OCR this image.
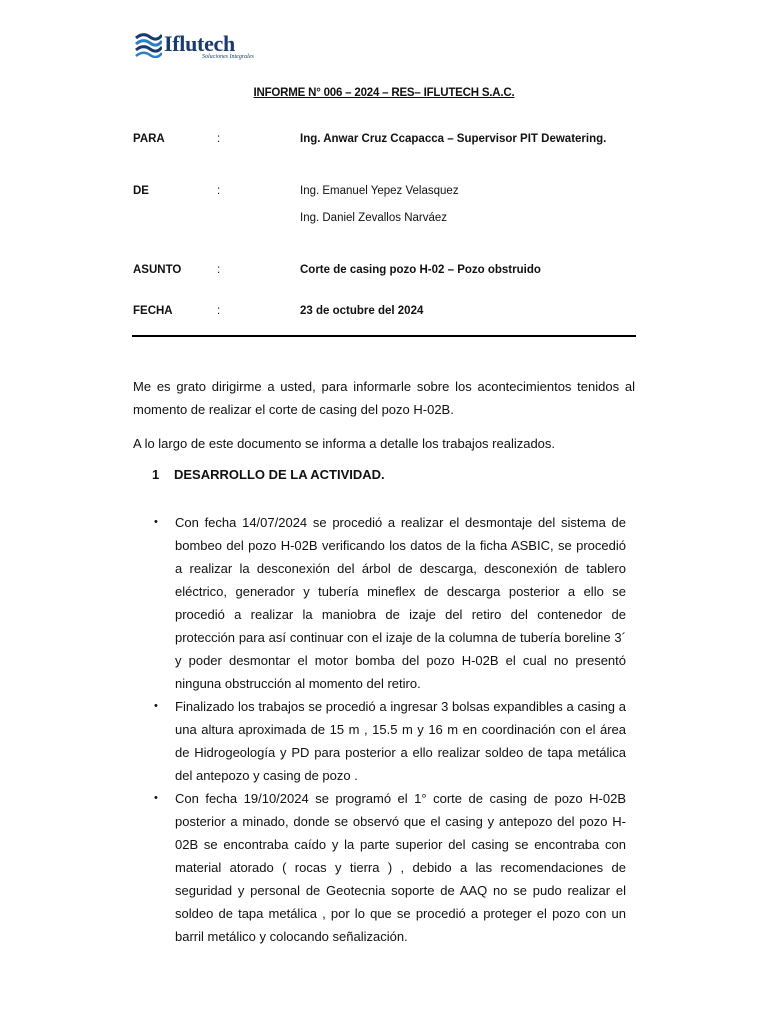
Iflutech
Soluciones Integrales
INFORME N° 006 – 2024 – RES– IFLUTECH S.A.C.
PARA	:	Ing. Anwar Cruz Ccapacca – Supervisor PIT Dewatering.
DE	:	Ing. Emanuel Yepez Velasquez
Ing. Daniel Zevallos Narváez
ASUNTO	:	Corte de casing pozo H-02 – Pozo obstruido
FECHA	:	23 de octubre del 2024
Me es grato dirigirme a usted, para informarle sobre los acontecimientos tenidos al momento de realizar el corte de casing del pozo H-02B.
A lo largo de este documento se informa a detalle los trabajos realizados.
1 DESARROLLO DE LA ACTIVIDAD.
• Con fecha 14/07/2024 se procedió a realizar el desmontaje del sistema de bombeo del pozo H-02B verificando los datos de la ficha ASBIC, se procedió a realizar la desconexión del árbol de descarga, desconexión de tablero eléctrico, generador y tubería mineflex de descarga posterior a ello se procedió a realizar la maniobra de izaje del retiro del contenedor de protección para así continuar con el izaje de la columna de tubería boreline 3´ y poder desmontar el motor bomba del pozo H-02B el cual no presentó ninguna obstrucción al momento del retiro.
• Finalizado los trabajos se procedió a ingresar 3 bolsas expandibles a casing a una altura aproximada de 15 m , 15.5 m y 16 m en coordinación con el área de Hidrogeología y PD para posterior a ello realizar soldeo de tapa metálica del antepozo y casing de pozo .
• Con fecha 19/10/2024 se programó el 1° corte de casing de pozo H-02B posterior a minado, donde se observó que el casing y antepozo del pozo H-02B se encontraba caído y la parte superior del casing se encontraba con material atorado ( rocas y tierra ) , debido a las recomendaciones de seguridad y personal de Geotecnia soporte de AAQ no se pudo realizar el soldeo de tapa metálica , por lo que se procedió a proteger el pozo con un barril metálico y colocando señalización.
